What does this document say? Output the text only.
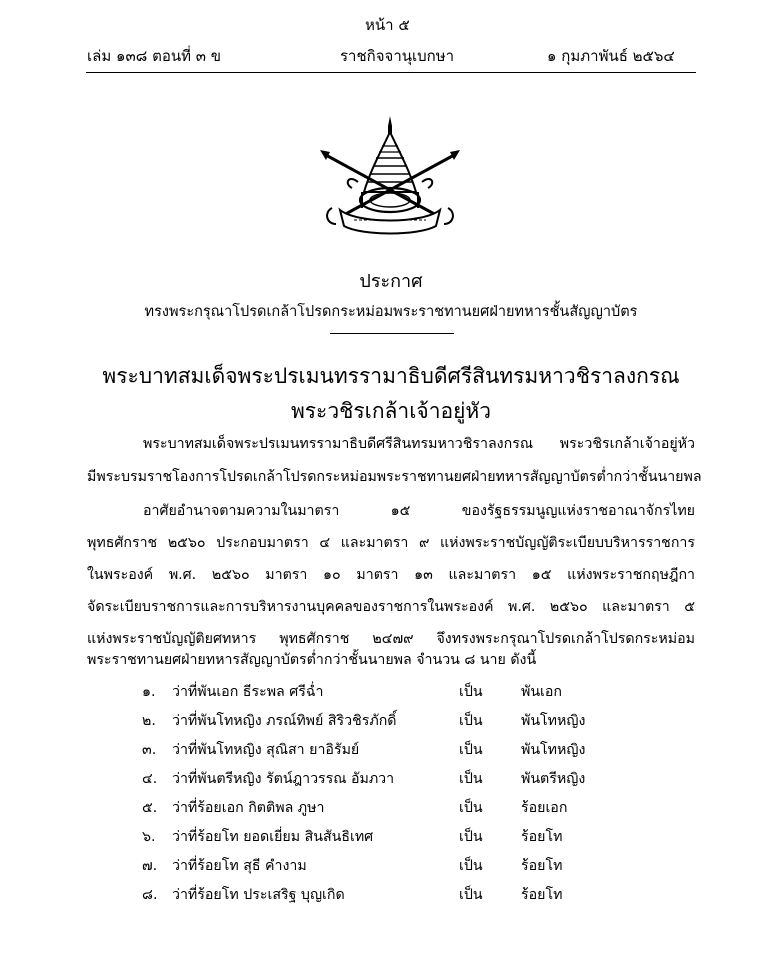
หน้า ๕
เล่ม ๑๓๘ ตอนที่ ๓ ข	ราชกิจจานุเบกษา	๑ กุมภาพันธ์ ๒๕๖๔
ประกาศ
ทรงพระกรุณาโปรดเกล้าโปรดกระหม่อมพระราชทานยศฝ่ายทหารชั้นสัญญาบัตร
พระบาทสมเด็จพระปรเมนทรรามาธิบดีศรีสินทรมหาวชิราลงกรณ
พระวชิรเกล้าเจ้าอยู่หัว
พระบาทสมเด็จพระปรเมนทรรามาธิบดีศรีสินทรมหาวชิราลงกรณ พระวชิรเกล้าเจ้าอยู่หัว
มีพระบรมราชโองการโปรดเกล้าโปรดกระหม่อมพระราชทานยศฝ่ายทหารสัญญาบัตรต่ำกว่าชั้นนายพล
อาศัยอำนาจตามความในมาตรา ๑๕ ของรัฐธรรมนูญแห่งราชอาณาจักรไทย
พุทธศักราช ๒๕๖๐ ประกอบมาตรา ๔ และมาตรา ๙ แห่งพระราชบัญญัติระเบียบบริหารราชการ
ในพระองค์ พ.ศ. ๒๕๖๐ มาตรา ๑๐ มาตรา ๑๓ และมาตรา ๑๕ แห่งพระราชกฤษฎีกา
จัดระเบียบราชการและการบริหารงานบุคคลของราชการในพระองค์ พ.ศ. ๒๕๖๐ และมาตรา ๕
แห่งพระราชบัญญัติยศทหาร พุทธศักราช ๒๔๗๙ จึงทรงพระกรุณาโปรดเกล้าโปรดกระหม่อม
พระราชทานยศฝ่ายทหารสัญญาบัตรต่ำกว่าชั้นนายพล จำนวน ๘ นาย ดังนี้
๑. ว่าที่พันเอก ธีระพล ศรีฉ่ำ	เป็น	พันเอก
๒. ว่าที่พันโทหญิง ภรณ์ทิพย์ สิริวชิรภักดิ์	เป็น	พันโทหญิง
๓. ว่าที่พันโทหญิง สุณิสา ยาอิรัมย์	เป็น	พันโทหญิง
๔. ว่าที่พันตรีหญิง รัตน์ฎาวรรณ อัมภวา	เป็น	พันตรีหญิง
๕. ว่าที่ร้อยเอก กิตติพล ภูษา	เป็น	ร้อยเอก
๖. ว่าที่ร้อยโท ยอดเยี่ยม สินสันธิเทศ	เป็น	ร้อยโท
๗. ว่าที่ร้อยโท สุธี คำงาม	เป็น	ร้อยโท
๘. ว่าที่ร้อยโท ประเสริฐ บุญเกิด	เป็น	ร้อยโท
